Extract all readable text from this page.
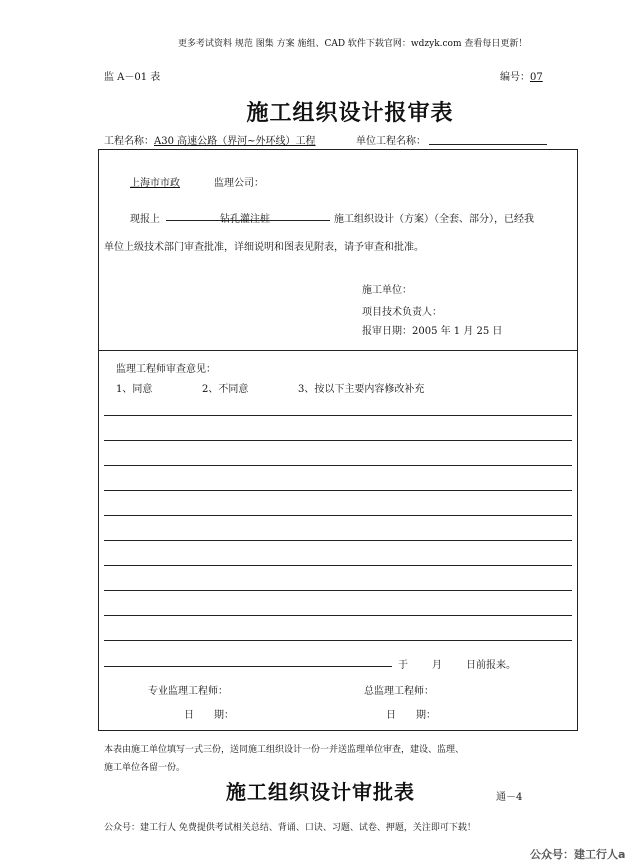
更多考试资料 规范 图集 方案 施组、CAD 软件下载官网：wdzyk.com 查看每日更新！
监 A－01 表	编号：07
施工组织设计报审表
工程名称：A30 高速公路（界河~外环线）工程	单位工程名称：
上海市市政	监理公司：
现报上	钻孔灌注桩	施工组织设计（方案）（全套、部分），已经我
单位上级技术部门审查批准，详细说明和图表见附表，请予审查和批准。
施工单位：
项目技术负责人：
报审日期：2005 年 1 月 25 日
监理工程师审查意见：
1、同意	2、不同意	3、按以下主要内容修改补充
于 月 日前报来。
专业监理工程师：	总监理工程师：
日　　期：	日　　期：
本表由施工单位填写一式三份，送同施工组织设计一份一并送监理单位审查，建设、监理、
施工单位各留一份。
施工组织设计审批表	通－4
公众号：建工行人 免费提供考试相关总结、背诵、口诀、习题、试卷、押题，关注即可下载！
公众号：建工行人a
